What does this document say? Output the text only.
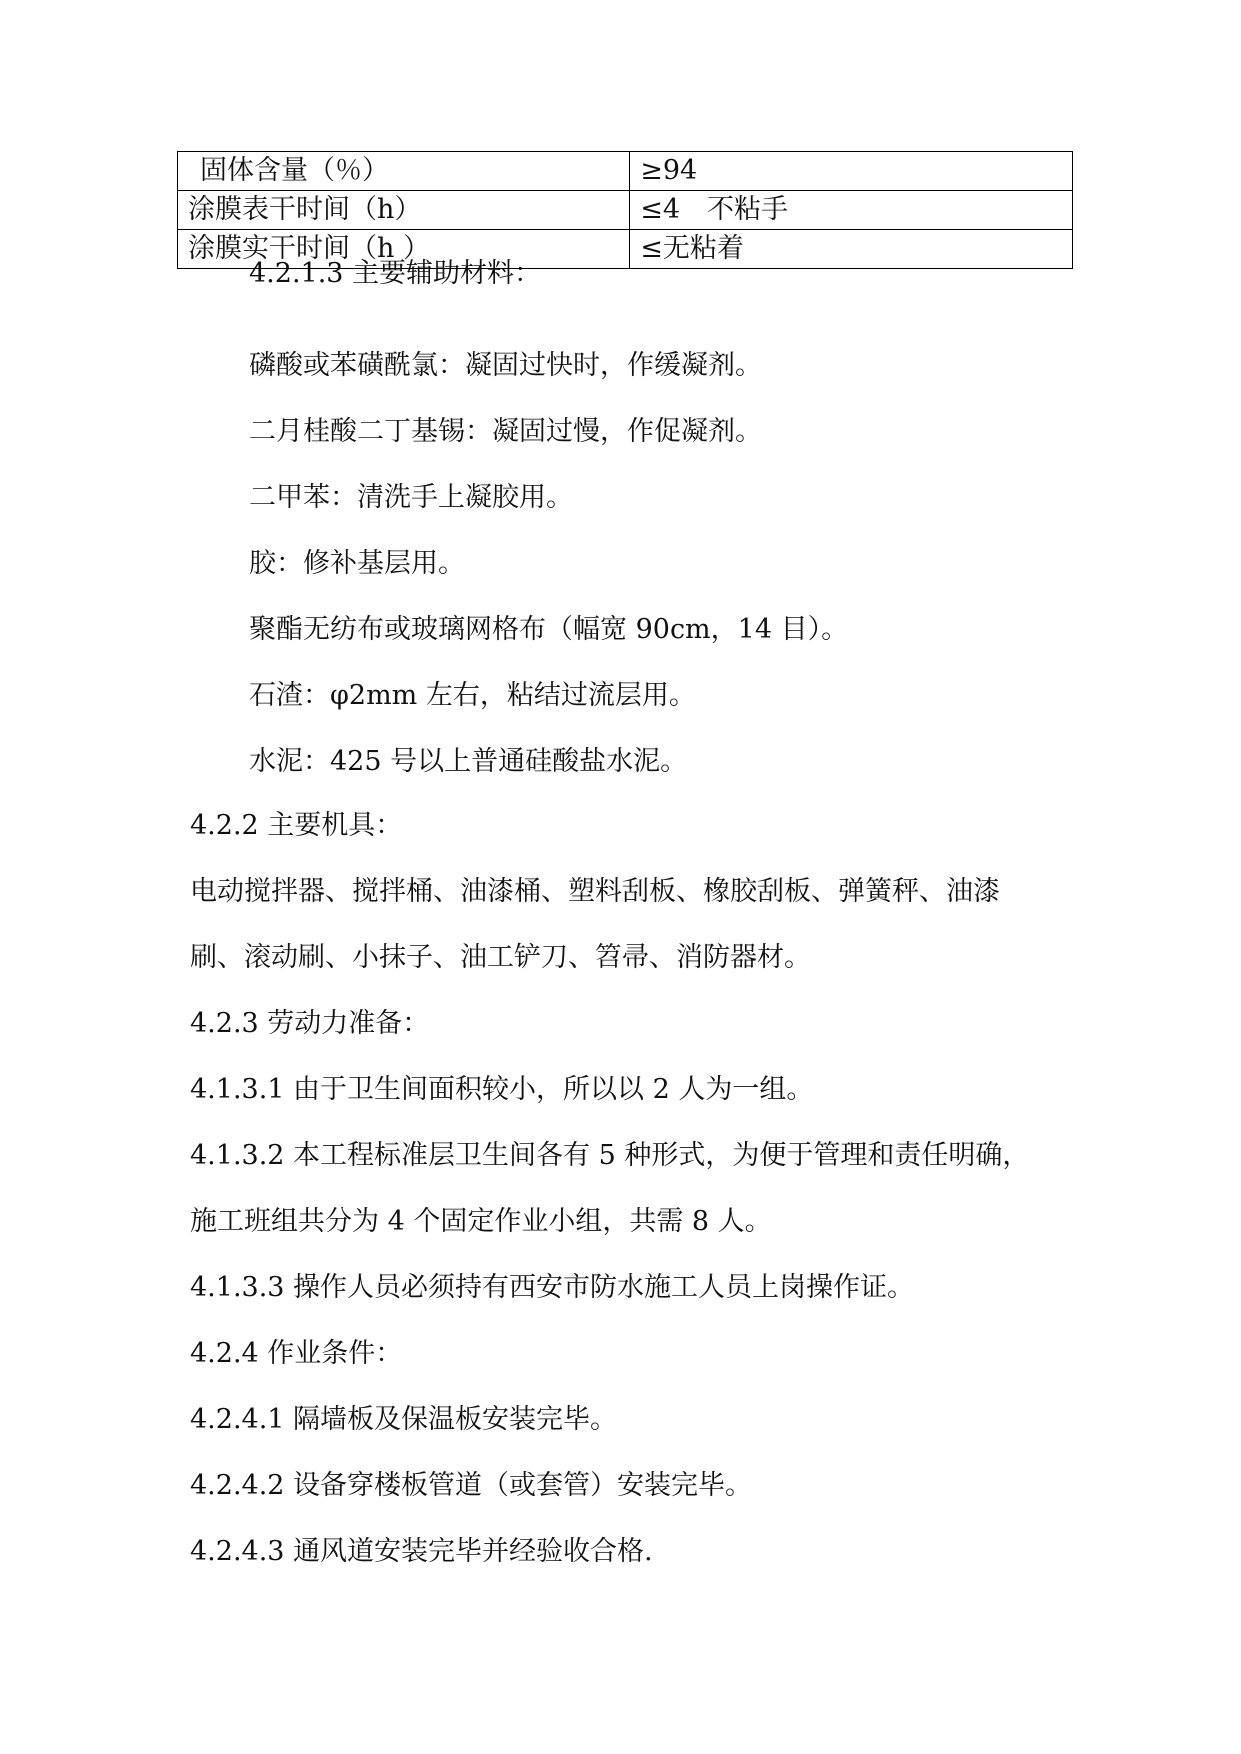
固体含量（％）	≥94
涂膜表干时间（h）	≤4　不粘手
涂膜实干时间（h ）	≤无粘着
4.2.1.3 主要辅助材料：
磷酸或苯磺酰氯：凝固过快时，作缓凝剂。
二月桂酸二丁基锡：凝固过慢，作促凝剂。
二甲苯：清洗手上凝胶用。
胶：修补基层用。
聚酯无纺布或玻璃网格布（幅宽 90cm，14 目）。
石渣：φ2mm 左右，粘结过流层用。
水泥：425 号以上普通硅酸盐水泥。
4.2.2 主要机具：
电动搅拌器、搅拌桶、油漆桶、塑料刮板、橡胶刮板、弹簧秤、油漆
刷、滚动刷、小抹子、油工铲刀、笤帚、消防器材。
4.2.3 劳动力准备：
4.1.3.1 由于卫生间面积较小，所以以 2 人为一组。
4.1.3.2 本工程标准层卫生间各有 5 种形式，为便于管理和责任明确，
施工班组共分为 4 个固定作业小组，共需 8 人。
4.1.3.3 操作人员必须持有西安市防水施工人员上岗操作证。
4.2.4 作业条件：
4.2.4.1 隔墙板及保温板安装完毕。
4.2.4.2 设备穿楼板管道（或套管）安装完毕。
4.2.4.3 通风道安装完毕并经验收合格.
